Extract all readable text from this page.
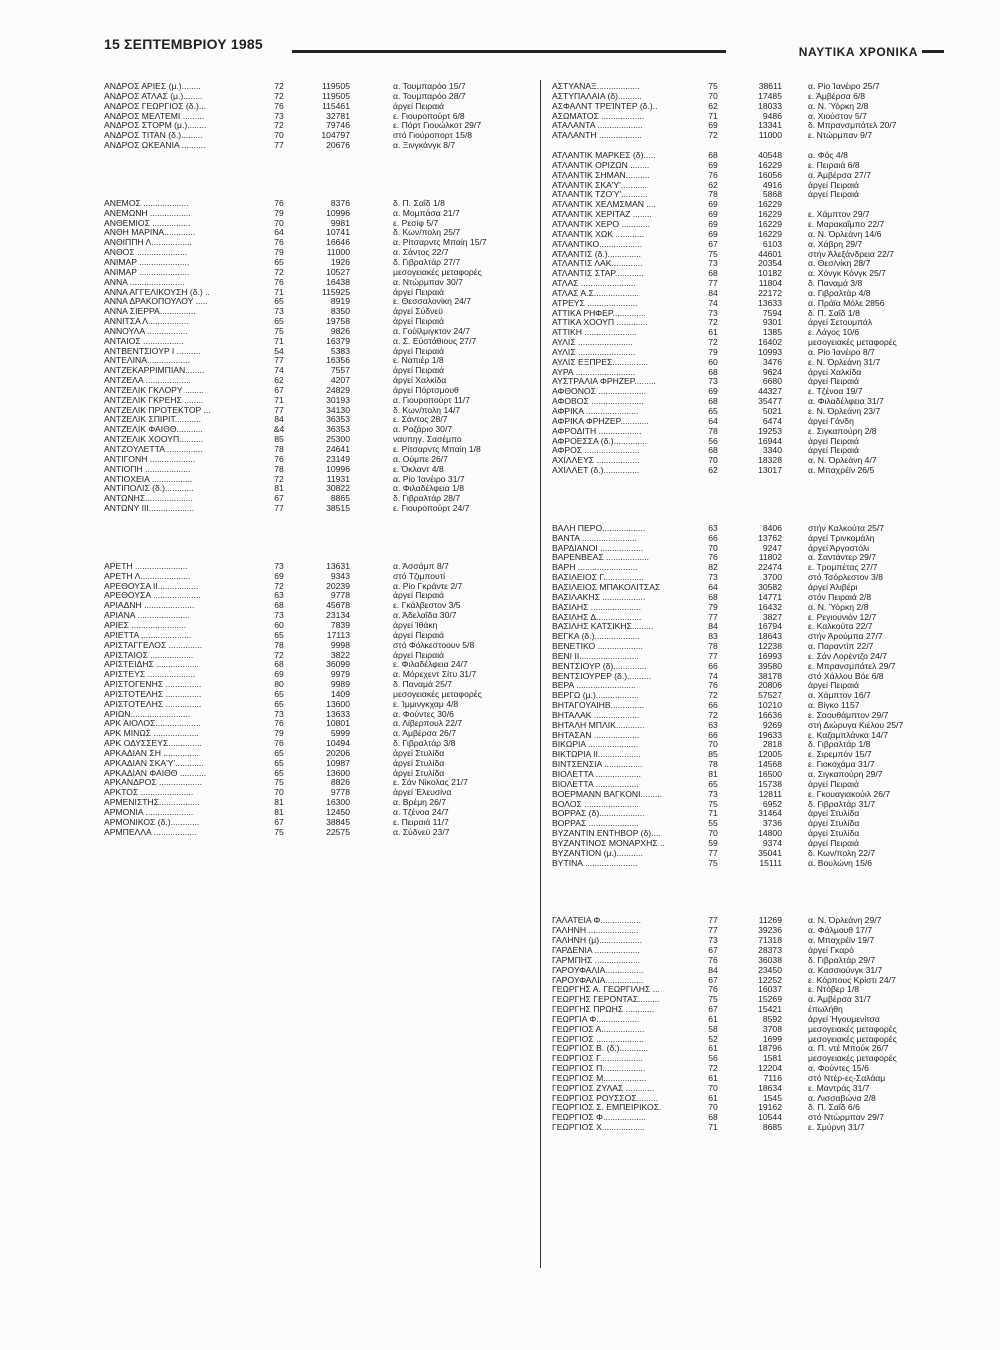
15 ΣΕΠΤΕΜΒΡΙΟΥ 1985	ΝΑΥΤΙΚΑ ΧΡΟΝΙΚΑ
ΑΝΔΡΟΣ ΑΡΙΕΣ (μ.)........	72	119505	α. Τουμπαρόο 15/7
ΑΝΔΡΟΣ ΑΤΛΑΣ (μ.)........	72	119505	α. Τουμπαρόο 28/7
ΑΝΔΡΟΣ ΓΕΩΡΓΙΟΣ (δ.)...	76	115461	άργεί Πειραιά
ΑΝΔΡΟΣ ΜΕΛΤΕΜΙ .........	73	32781	ε. Γιουροπούρτ 6/8
ΑΝΔΡΟΣ ΣΤΟΡΜ (μ.)........	72	79746	ε. Πόρτ Γιουώλκοτ 29/7
ΑΝΔΡΟΣ ΤΙΤΑΝ (δ.).........	70	104797	στό Γιούροπορτ 15/8
ΑΝΔΡΟΣ ΩΚΕΑΝΙΑ ..........	77	20676	α. Ξινγκάνγκ 8/7
ΑΝΕΜΟΣ ...................	76	8376	δ. Π. Σαΐδ 1/8
ΑΝΕΜΩΝΗ .................	79	10996	α. Μομπάσα 21/7
ΑΝΘΕΜΙΟΣ ................	70	9981	ε. Ρεσίφ 5/7
ΑΝΘΗ ΜΑΡΙΝΑ.............	64	10741	δ. Κων/πολη 25/7
ΑΝΘΙΠΠΗ Λ.................	76	16646	α. Ρίτσαρντς Μπαίη 15/7
ΑΝΘΟΣ .....................	79	11000	α. Σάντος 22/7
ΑΝΙΜΑΡ .....................	65	1926	δ. Γιβραλτάρ 27/7
ΑΝΙΜΑΡ .....................	72	10527	μεσογειακές μεταφορές
ΑΝΝΑ .......................	76	16438	α. Ντώρμπαν 30/7
ΑΝΝΑ ΑΓΓΕΛΙΚΟΥΣΗ (δ.) ..	71	115925	άργεί Πειραιά
ΑΝΝΑ ΔΡΑΚΟΠΟΥΛΟΥ .....	65	8919	ε. Θεσσαλονίκη 24/7
ΑΝΝΑ ΣΙΕΡΡΑ...............	73	8350	άργεί Σύδνεϋ
ΑΝΝΙΤΣΑ Λ.................	65	19758	άργεί Πειραιά
ΑΝΝΟΥΛΑ .................	75	9826	α. Γούϊλμιγκτον 24/7
ΑΝΤΑΙΟΣ .................	71	16379	α. Σ. Εύστάθιους 27/7
ΑΝΤΒΕΝΤΣΙΟΥΡ Ι ..........	54	5383	άργεί Πειραιά
ΑΝΤΕΛΙΝΑ..................	77	16356	ε. Ναπιέρ 1/8
ΑΝΤΖΕΚΑΡΡΙΜΠΙΑΝ........	74	7557	άργεί Πειραιά
ΑΝΤΖΕΛΑ ...................	62	4207	άργεί Χαλκίδα
ΑΝΤΖΕΛΙΚ ΓΚΛΟΡΥ ........	67	24829	άργεί Πόρτσμουθ
ΑΝΤΖΕΛΙΚ ΓΚΡΕΗΣ ........	71	30193	α. Γιουροπούρτ 11/7
ΑΝΤΖΕΛΙΚ ΠΡΟΤΕΚΤΟΡ ...	77	34130	δ. Κων/πολη 14/7
ΑΝΤΖΕΛΙΚ ΣΠΙΡΙΤ...........	84	36353	ε. Σάντος 28/7
ΑΝΤΖΕΛΙΚ ΦΑΙΘΘ...........	&4	36353	α. Ροζάριο 30/7
ΑΝΤΖΕΛΙΚ ΧΟΟΥΠ..........	85	25300	ναυπηγ. Σασέμπο
ΑΝΤΖΟΥΛΕΤΤΑ ...............	78	24641	ε. Ρίτσαρντς Μπαίη 1/8
ΑΝΤΙΓΟΝΗ ...................	76	23149	α. Ούμπε 26/7
ΑΝΤΙΟΠΗ ...................	78	10996	ε. Όκλαντ 4/8
ΑΝΤΙΟΧΕΙΑ .................	72	11931	α. Ρίο Ίανέιρο 31/7
ΑΝΤΙΠΟΛΙΣ (δ.)............	81	30822	α. Φιλαδέλφεια 1/8
ΑΝΤΩΝΗΣ....................	67	8865	δ. Γιβραλτάρ 28/7
ΑΝΤΩΝΥ ΙΙΙ...................	77	38515	ε. Γιουροπούρτ 24/7
ΑΡΕΤΗ ......................	73	13631	α. Άσσάμπ 8/7
ΑΡΕΤΗ Λ.....................	69	9343	στό Τζιμπουτί
ΑΡΕΘΟΥΣΑ ΙΙ.................	72	20239	α. Ρίο Γκράντε 2/7
ΑΡΕΘΟΥΣΑ ....................	63	9778	άργεί Πειραιά
ΑΡΙΑΔΝΗ .....................	68	45678	ε. Γκάλβεστον 3/5
ΑΡΙΑΝΑ ......................	73	23134	α. Άδελαΐδα 30/7
ΑΡΙΕΣ .......................	60	7839	άργεί Ίθάκη
ΑΡΙΕΤΤΑ .....................	65	17113	άργεί Πειραιά
ΑΡΙΣΤΑΓΓΕΛΟΣ ..............	78	9998	στό Φόλκεστοουν 5/8
ΑΡΙΣΤΑΙΟΣ ..................	72	3822	άργεί Πειραιά
ΑΡΙΣΤΕΙΔΗΣ ..................	68	36099	ε. Φιλαδέλφεια 24/7
ΑΡΙΣΤΕΥΣ ....................	69	9979	α. Μόρεχεντ Σίτυ 31/7
ΑΡΙΣΤΟΓΕΝΗΣ ...............	80	9989	δ. Παναμά 25/7
ΑΡΙΣΤΟΤΕΛΗΣ ...............	65	1409	μεσογειακές μεταφορές
ΑΡΙΣΤΟΤΕΛΗΣ ...............	65	13600	ε. Ίμμινγκχαμ 4/8
ΑΡΙΩΝ.........................	73	13633	α. Φούντες 30/6
ΑΡΚ ΑΙΟΛΟΣ...................	76	10801	α. Λίβερπουλ 22/7
ΑΡΚ ΜΙΝΩΣ ...................	79	5999	α. Άμβέρσα 26/7
ΑΡΚ ΟΔΥΣΣΕΥΣ..............	76	10494	δ. Γιβραλτάρ 3/8
ΑΡΚΑΔΙΑΝ ΣΗ ...............	65	20206	άργεί Στυλίδα
ΑΡΚΑΔΙΑΝ ΣΚΑ'Υ'............	65	10987	άργεί Στυλίδα
ΑΡΚΑΔΙΑΝ ΦΑΙΘΘ ...........	65	13600	άργεί Στυλίδα
ΑΡΚΑΝΔΡΟΣ ..................	75	8826	ε. Σάν Νίκολας 21/7
ΑΡΚΤΟΣ ......................	70	9778	άργεί Έλευσίνα
ΑΡΜΕΝΙΣΤΗΣ.................	81	16300	α. Βρέμη 26/7
ΑΡΜΟΝΙΑ ....................	81	12450	α. Τζένοα 24/7
ΑΡΜΟΝΙΚΟΣ (δ.)............	67	38845	ε. Πειραιά 11/7
ΑΡΜΠΕΛΛΑ ..................	75	22575	α. Σύδνεϋ 23/7
ΑΣΤΥΑΝΑΞ..................	75	38611	α. Ρίο Ίανέιρο 25/7
ΑΣΤΥΠΑΛΑΙΑ (δ)..........	70	17485	ε. Άμβέρσα 6/8
ΑΣΦΑΛΝΤ ΤΡΕΊΝΤΕΡ (δ.)..	62	18033	α. Ν. Ύόρκη 2/8
ΑΣΩΜΑΤΟΣ ..................	71	9486	α. Χιούστον 5/7
ΑΤΑΛΑΝΤΑ ...................	69	13341	δ. Μπρανσμπάτελ 20/7
ΑΤΑΛΑΝΤΗ ..................	72	11000	ε. Ντώρμπαν 9/7
ΑΤΛΑΝΤΙΚ ΜΑΡΚΕΣ (δ).....	68	40548	α. Φός 4/8
ΑΤΛΑΝΤΙΚ ΟΡΙΖΩΝ ........	69	16229	ε. Πειραιά 6/8
ΑΤΛΑΝΤΙΚ ΣΗΜΑΝ..........	76	16056	α. Άμβέρσα 27/7
ΑΤΛΑΝΤΙΚ ΣΚΑ'Υ'...........	62	4916	άργεί Πειραιά
ΑΤΛΑΝΤΙΚ ΤΖΟΎ'...........	78	5868	άργεί Πειραιά
ΑΤΛΑΝΤΙΚ ΧΕΛΜΣΜΑΝ ....	69	16229
ΑΤΛΑΝΤΙΚ ΧΕΡΙΤΑΖ ........	69	16229	ε. Χάμπτον 29/7
ΑΤΛΑΝΤΙΚ ΧΕΡΟ ............	69	16229	ε. Μαρακαΐμπο 22/7
ΑΤΛΑΝΤΙΚ ΧΩΚ ............	69	16229	α. Ν. Όρλεάνη 14/6
ΑΤΛΑΝΤΙΚΟ..................	67	6103	α. Χάβρη 29/7
ΑΤΛΑΝΤΙΣ (δ.)..............	75	44601	στήν Άλεξάνδρεια 22/7
ΑΤΛΑΝΤΙΣ ΛΑΚ.............	73	20354	α. Θεσ/νίκη 28/7
ΑΤΛΑΝΤΙΣ ΣΤΑΡ............	68	10182	α. Χόνγκ Κόνγκ 25/7
ΑΤΛΑΣ .......................	77	11804	δ. Παναμά 3/8
ΑΤΛΑΣ Α.Σ...................	84	22172	α. Γιβραλτάρ 4/8
ΑΤΡΕΥΣ .....................	74	13633	α. Πράϊα Μόλε 2856
ΑΤΤΙΚΑ ΡΗΦΕΡ..............	73	7594	δ. Π. Σαΐδ 1/8
ΑΤΤΙΚΑ ΧΟΟΥΠ .............	72	9301	άργεί Σετουμπάλ
ΑΤΤΙΚΗ ......................	61	1385	ε. Λάγος 10/6
ΑΥΛΙΣ .......................	72	16402	μεσογειακές μεταφορές
ΑΥΛΙΣ ........................	79	10993	α. Ρίο Ίανέιρο 8/7
ΑΥΛΙΣ ΕΞΠΡΕΣ...............	60	3476	ε. Ν. Όρλεάνη 31/7
ΑΥΡΑ .........................	68	9624	άργεί Χαλκίδα
ΑΥΣΤΡΑΛΙΑ ΦΡΗΖΕΡ.........	73	6680	άργεί Πειραιά
ΑΦΘΟΝΟΣ ....................	69	44327	ε. Τζένοα 19/7
ΑΦΟΒΟΣ ......................	68	35477	α. Φιλαδέλφεια 31/7
ΑΦΡΙΚΑ ......................	65	5021	ε. Ν. Όρλεάνη 23/7
ΑΦΡΙΚΑ ΦΡΗΖΕΡ............	64	6474	άργεί Γάνδη
ΑΦΡΟΔΙΤΗ ..................	78	19253	ε. Σιγκαπούρη 2/8
ΑΦΡΟΕΣΣΑ (δ.)..............	56	16944	άργεί Πειραιά
ΑΦΡΟΣ .......................	68	3340	άργεί Πειραιά
ΑΧΙΛΛΕΥΣ ..................	70	18328	α. Ν. Όρλεάνη 4/7
ΑΧΙΛΛΕΤ (δ.)...............	62	13017	α. Μπαχρέϊν 26/5
ΒΑΛΗ ΠΕΡΟ..................	63	8406	στήν Καλκούτα 25/7
ΒΑΝΤΑ .......................	66	13762	άργεί Τρινκομάλη
ΒΑΡΔΙΑΝΟΙ ..................	70	9247	άργεί Άργοστόλι
ΒΑΡΕΝΒΕΑΣ ..................	76	11802	α. Σαντάντερ 29/7
ΒΑΡΗ .........................	82	22474	ε. Τρομπέτας 27/7
ΒΑΣΙΛΕΙΟΣ Γ.................	73	3700	στό Τσόρλεστον 3/8
ΒΑΣΙΛΕΙΟΣ ΜΠΑΚΟΛΙΤΣΑΣ	64	30582	άργεί Άλιβέρι
ΒΑΣΙΛΑΚΗΣ ..................	68	14771	στόν Πειραιά 2/8
ΒΑΣΙΛΗΣ .....................	79	16432	α. Ν. Ύόρκη 2/8
ΒΑΣΙΛΗΣ Δ...................	77	3827	ε. Ρεγιουνιόν 12/7
ΒΑΣΙΛΗΣ ΚΑΤΣΙΚΗΣ.........	84	16794	ε. Καλκούτα 22/7
ΒΕΓΚΑ (δ.)...................	83	18643	στήν Άρούμπα 27/7
ΒΕΝΕΤΙΚΟ ...................	78	12238	α. Παραντίπ 22/7
ΒΕΝΙ ΙΙ.........................	77	16993	ε. Σάν Λορέντζο 24/7
ΒΕΝΤΣΙΟΥΡ (δ)..............	66	39580	ε. Μπρανσμπάτελ 29/7
ΒΕΝΤΣΙΟΥΡΕΡ (δ.)..........	74	38178	στό Χάλλου Βόε 6/8
ΒΕΡΑ .........................	76	20806	άργεί Πειραιά
ΒΕΡΓΩ (μ.)..................	72	57527	α. Χάμπτον 16/7
ΒΗΤΑΓΟΥΑΙΗΒ..............	66	10210	α. Βίγκο 1157
ΒΗΤΑΛΑΚ ...................	72	16636	ε. Σαουθάμπτον 29/7
ΒΗΤΑΛΗ ΜΠΛΙΚ............	63	9269	στή Διώρυγα Κιέλου 25/7
ΒΗΤΑΣΑΝ ...................	66	19633	ε. Καζαμπλάνκα 14/7
ΒΙΚΩΡΙΑ .....................	70	2818	δ. Γιβραλτάρ 1/8
ΒΙΚΤΩΡΙΑ ΙΙ..................	85	12005	ε. Σιρεμπόν 15/7
ΒΙΝΤΣΕΝΣΙΑ ................	78	14568	ε. Γιοκοχάμα 31/7
ΒΙΟΛΕΤΤΑ ...................	81	16500	α. Σιγκαπούρη 29/7
ΒΙΟΛΕΤΤΑ ..................	65	15738	άργεί Πειραιά
ΒΟΕΡΜΑΝΝ ΒΑΓΚΟΝΙ.........	73	12811	ε. Γκουαγιακούιλ 26/7
ΒΟΛΟΣ .......................	75	6952	δ. Γιβραλτάρ 31/7
ΒΟΡΡΑΣ (δ)...................	71	31464	άργεί Στυλίδα
ΒΟΡΡΑΣ .....................	55	3736	άργεί Στυλίδα
ΒΥΖΑΝΤΙΝ ΕΝΤΗΒΟΡ (δ)....	70	14800	άργεί Στυλίδα
ΒΥΖΑΝΤΙΝΟΣ ΜΟΝΑΡΧΗΣ ..	59	9374	άργεί Πειραιά
ΒΥΖΑΝΤΙΟΝ (μ.)...........	77	35041	δ. Κων/πολη 22/7
ΒΥΤΙΝΑ ......................	75	15111	α. Βουλώνη 15/6
ΓΑΛΑΤΕΙΑ Φ.................	77	11269	α. Ν. Όρλεάνη 29/7
ΓΑΛΗΝΗ .....................	77	39236	α. Φάλμουθ 17/7
ΓΑΛΗΝΗ (μ)..................	73	71318	α. Μπαχρέϊν 19/7
ΓΑΡΔΕΝΙΑ ...................	67	28373	άργεί Γκαρό
ΓΑΡΜΠΗΣ ...................	76	36038	δ. Γιβραλτάρ 29/7
ΓΑΡΟΥΦΑΛΙΑ................	84	23450	α. Κασσιούνγκ 31/7
ΓΑΡΟΥΦΑΛΙΑ................	67	12252	ε. Κόρπους Κρίστι 24/7
ΓΕΩΡΓΗΣ Α. ΓΕΩΡΓΙΛΗΣ ...	76	16037	ε. Ντόβερ 1/8
ΓΕΩΡΓΗΣ ΓΕΡΟΝΤΑΣ.........	75	15269	α. Άμβέρσα 31/7
ΓΕΩΡΓΗΣ ΠΡΩΗΣ ............	67	15421	έπωλήθη
ΓΕΩΡΓΙΑ Φ..................	61	8592	άργεί Ήγουμενίτσα
ΓΕΩΡΓΙΟΣ Α..................	58	3708	μεσογειακές μεταφορές
ΓΕΩΡΓΙΟΣ ....................	52	1699	μεσογειακές μεταφορές
ΓΕΩΡΓΙΟΣ Β. (δ.)............	61	18796	α. Π. ντέ Μπούκ 26/7
ΓΕΩΡΓΙΟΣ Γ..................	56	1581	μεσογειακές μεταφορές
ΓΕΩΡΓΙΟΣ Π..................	72	12204	α. Φούντες 15/6
ΓΕΩΡΓΙΟΣ Μ..................	61	7116	στό Ντέρ-ες-Σαλάαμ
ΓΕΩΡΓΙΟΣ ΖΥΛΑΣ ............	70	18634	ε. Μαντράς 31/7
ΓΕΩΡΓΙΟΣ ΡΟΥΣΣΟΣ.........	61	1545	α. Λισσαβώνα 2/8
ΓΕΩΡΓΙΟΣ Σ. ΕΜΠΕΙΡΙΚΟΣ.	70	19162	δ. Π. Σαΐδ 6/6
ΓΕΩΡΓΙΟΣ Φ..................	68	10544	στό Ντώρμπαν 29/7
ΓΕΩΡΓΙΟΣ Χ..................	71	8685	ε. Σμύρνη 31/7
